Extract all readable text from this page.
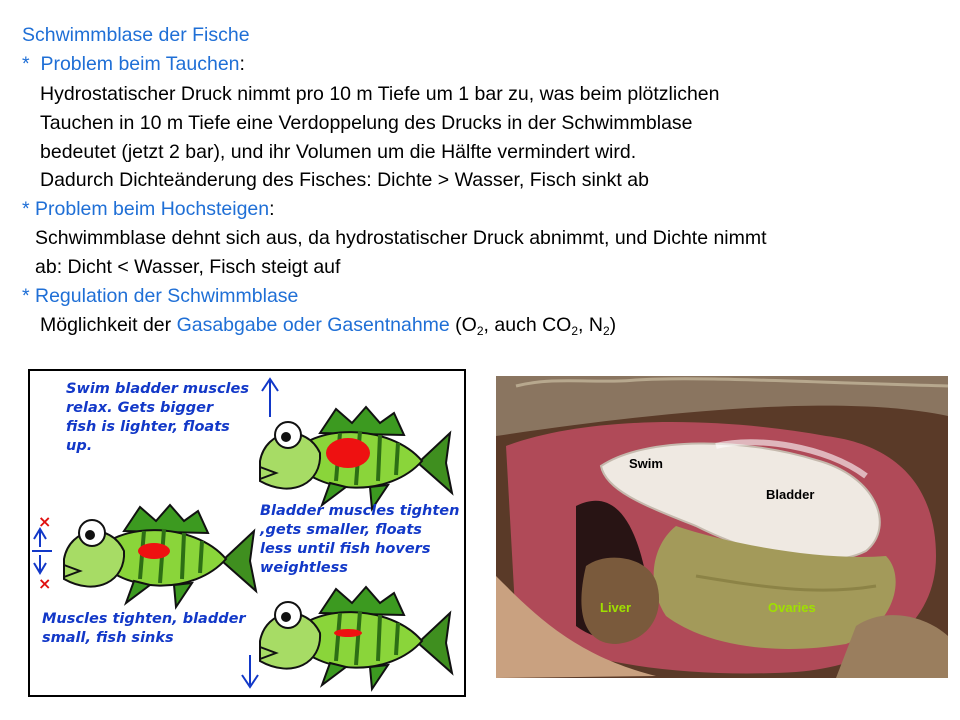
Schwimmblase der Fische
* Problem beim Tauchen:
Hydrostatischer Druck nimmt pro 10 m Tiefe um 1 bar zu, was beim plötzlichen
Tauchen in 10 m Tiefe eine Verdoppelung des Drucks in der Schwimmblase
bedeutet (jetzt 2 bar), und ihr Volumen um die Hälfte vermindert wird.
Dadurch Dichteänderung des Fisches: Dichte > Wasser, Fisch sinkt ab
* Problem beim Hochsteigen:
Schwimmblase dehnt sich aus, da hydrostatischer Druck abnimmt, und Dichte nimmt
ab: Dicht < Wasser, Fisch steigt auf
* Regulation der Schwimmblase
Möglichkeit der Gasabgabe oder Gasentnahme ($O_2$, auch $CO_2$, $N_2$)
×
×
Swim bladder muscles
relax. Gets bigger
fish is lighter, floats
up.
Bladder muscles tighten
,gets smaller, floats
less until fish hovers
weightless
Muscles tighten, bladder
small, fish sinks
Swim
Bladder
Liver	Ovaries
